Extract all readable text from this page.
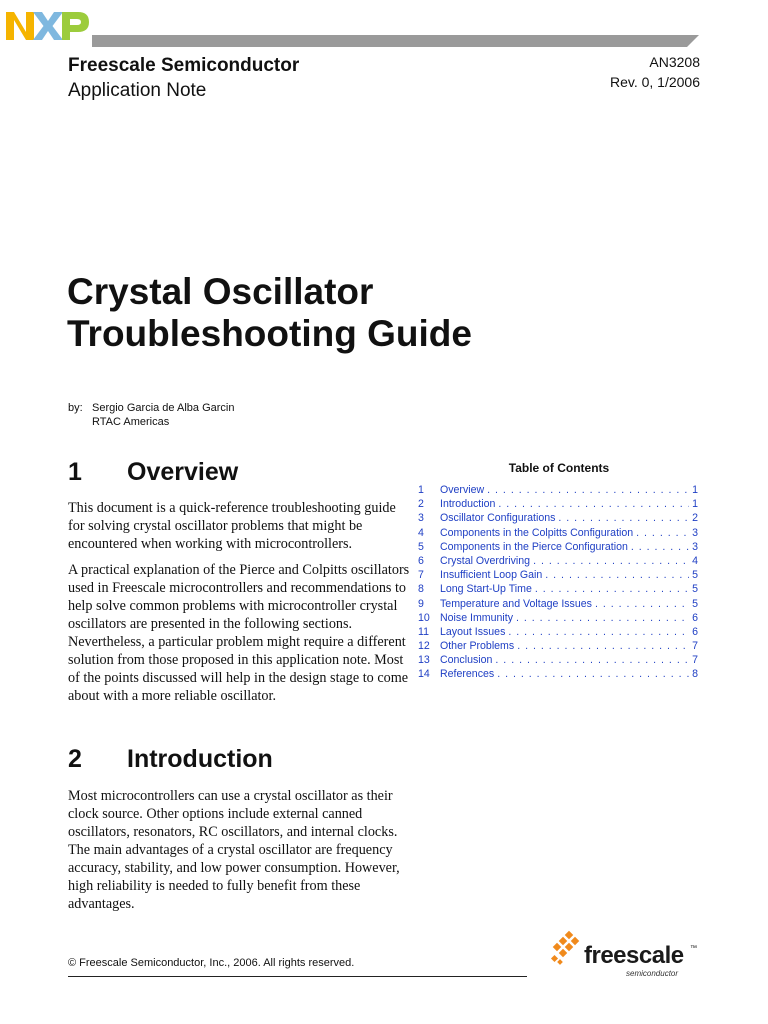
Freescale Semiconductor
Application Note
AN3208
Rev. 0, 1/2006
Crystal Oscillator
Troubleshooting Guide
by: Sergio Garcia de Alba Garcin
RTAC Americas
1 Overview
This document is a quick-reference troubleshooting guide for solving crystal oscillator problems that might be encountered when working with microcontrollers.
A practical explanation of the Pierce and Colpitts oscillators used in Freescale microcontrollers and recommendations to help solve common problems with microcontroller crystal oscillators are presented in the following sections. Nevertheless, a particular problem might require a different solution from those proposed in this application note. Most of the points discussed will help in the design stage to come about with a more reliable oscillator.
2 Introduction
Most microcontrollers can use a crystal oscillator as their clock source. Other options include external canned oscillators, resonators, RC oscillators, and internal clocks. The main advantages of a crystal oscillator are frequency accuracy, stability, and low power consumption. However, high reliability is needed to fully benefit from these advantages.
Table of Contents
1	Overview . . .	1
2	Introduction . . .	1
3	Oscillator Configurations . . .	2
4	Components in the Colpitts Configuration . . .	3
5	Components in the Pierce Configuration . . .	3
6	Crystal Overdriving . . .	4
7	Insufficient Loop Gain . . .	5
8	Long Start-Up Time . . .	5
9	Temperature and Voltage Issues . . .	5
10 Noise Immunity . . .	6
11	Layout Issues . . .	6
12 Other Problems . . .	7
13 Conclusion . . .	7
14 References . . .	8
© Freescale Semiconductor, Inc., 2006. All rights reserved.	freescale ™
semiconductor
